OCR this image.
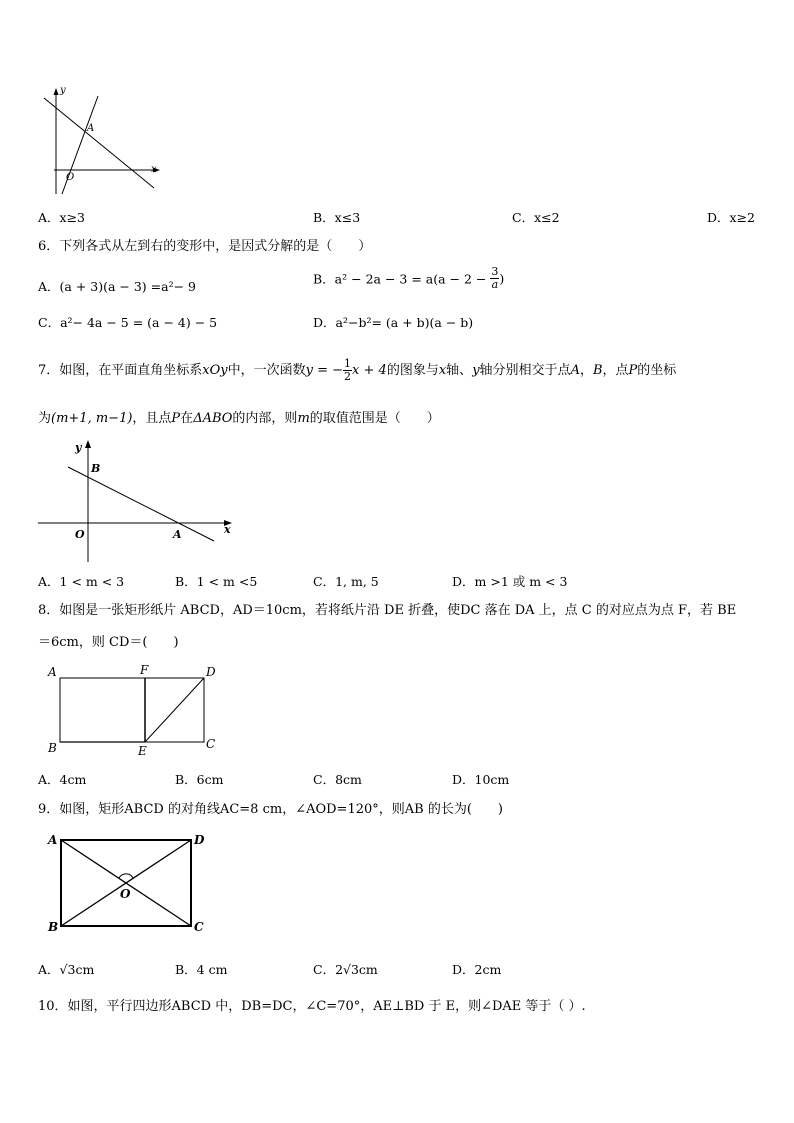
y
x
A
O
A．x≥3	B．x≤3	C．x≤2	D．x≥2
6．下列各式从左到右的变形中，是因式分解的是（　　）
A．(a + 3)(a − 3) =a²− 9	B．$a^2 - 2a - 3 = a(a - 2 - \frac{3}{a}$ )
C．a²− 4a − 5 = (a − 4) − 5	D．a²−b²= (a + b)(a − b)
7．如图，在平面直角坐标系xOy中，一次函数y = − $\frac{1}{2}$ x + 4的图象与x轴、y轴分别相交于点A，B，点P的坐标
为(m+1, m−1)，且点P在ΔABO的内部，则m的取值范围是（　　）
y
B
O	A	x
A．1 < m < 3	B．1 < m <5	C．1, m, 5	D．m >1 或 m < 3
8．如图是一张矩形纸片 ABCD，AD＝10cm，若将纸片沿 DE 折叠，使DC 落在 DA 上，点 C 的对应点为点 F，若 BE
＝6cm，则 CD＝(　　)
A	F	D
B	E	C
A．4cm	B．6cm	C．8cm	D．10cm
9．如图，矩形ABCD 的对角线AC=8 cm，∠AOD=120°，则AB 的长为(　　)
A	D
O
B	C
A．√3cm	B．4 cm	C．2√3cm	D．2cm
10．如图，平行四边形ABCD 中，DB=DC，∠C=70°，AE⊥BD 于 E，则∠DAE 等于（ ）.
